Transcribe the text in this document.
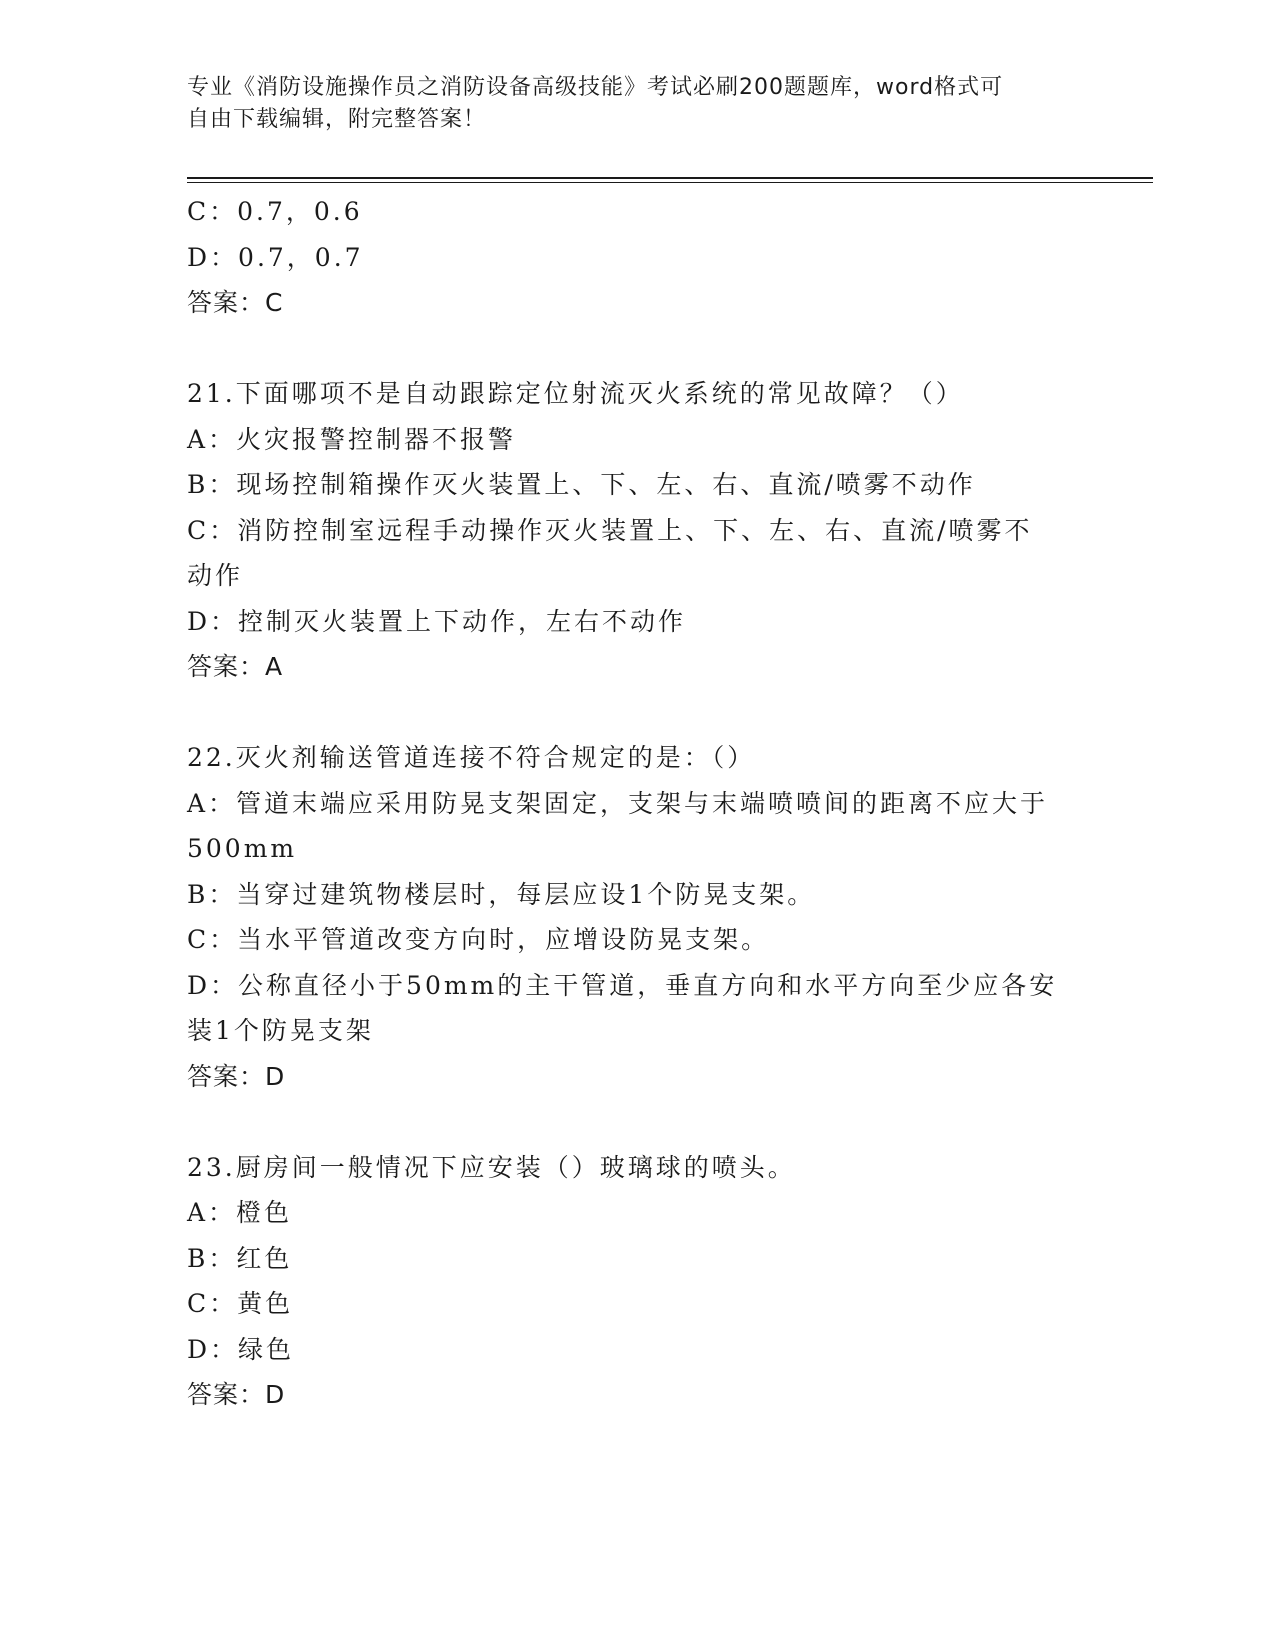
专业《消防设施操作员之消防设备高级技能》考试必刷200题题库，word格式可
自由下载编辑，附完整答案！
C：0.7，0.6
D：0.7，0.7
答案：C
21.下面哪项不是自动跟踪定位射流灭火系统的常见故障？（）
A：火灾报警控制器不报警
B：现场控制箱操作灭火装置上、下、左、右、直流/喷雾不动作
C：消防控制室远程手动操作灭火装置上、下、左、右、直流/喷雾不
动作
D：控制灭火装置上下动作，左右不动作
答案：A
22.灭火剂输送管道连接不符合规定的是：（）
A：管道末端应采用防晃支架固定，支架与末端喷喷间的距离不应大于
500mm
B：当穿过建筑物楼层时，每层应设1个防晃支架。
C：当水平管道改变方向时，应增设防晃支架。
D：公称直径小于50mm的主干管道，垂直方向和水平方向至少应各安
装1个防晃支架
答案：D
23.厨房间一般情况下应安装（）玻璃球的喷头。
A：橙色
B：红色
C：黄色
D：绿色
答案：D
